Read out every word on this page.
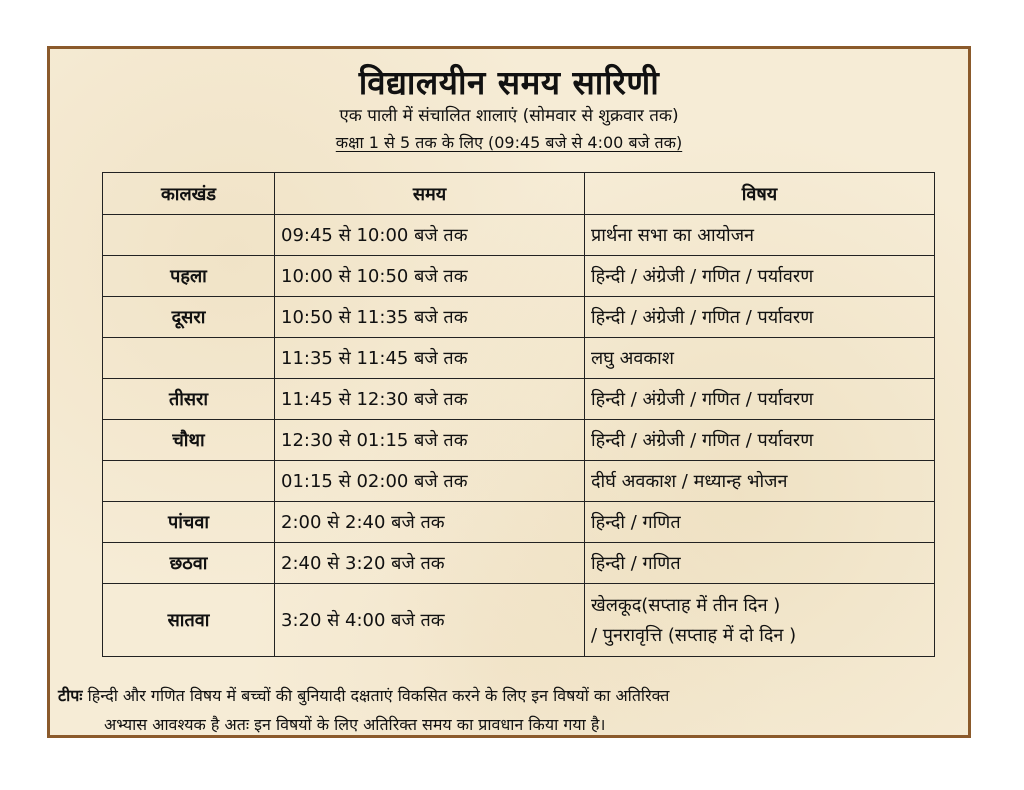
विद्यालयीन समय सारिणी
एक पाली में संचालित शालाएं (सोमवार से शुक्रवार तक)
कक्षा 1 से 5 तक के लिए (09:45 बजे से 4:00 बजे तक)
कालखंड	समय	विषय
	09:45 से 10:00 बजे तक	प्रार्थना सभा का आयोजन
पहला	10:00 से 10:50 बजे तक	हिन्दी / अंग्रेजी / गणित / पर्यावरण
दूसरा	10:50 से 11:35 बजे तक	हिन्दी / अंग्रेजी / गणित / पर्यावरण
	11:35 से 11:45 बजे तक	लघु अवकाश
तीसरा	11:45 से 12:30 बजे तक	हिन्दी / अंग्रेजी / गणित / पर्यावरण
चौथा	12:30 से 01:15 बजे तक	हिन्दी / अंग्रेजी / गणित / पर्यावरण
	01:15 से 02:00 बजे तक	दीर्घ अवकाश / मध्यान्ह भोजन
पांचवा	2:00 से 2:40 बजे तक	हिन्दी / गणित
छठवा	2:40 से 3:20 बजे तक	हिन्दी / गणित
सातवा	3:20 से 4:00 बजे तक	खेलकूद(सप्ताह में तीन दिन )
/ पुनरावृत्ति (सप्ताह में दो दिन )
टीपः हिन्दी और गणित विषय में बच्चों की बुनियादी दक्षताएं विकसित करने के लिए इन विषयों का अतिरिक्त
अभ्यास आवश्यक है अतः इन विषयों के लिए अतिरिक्त समय का प्रावधान किया गया है।
